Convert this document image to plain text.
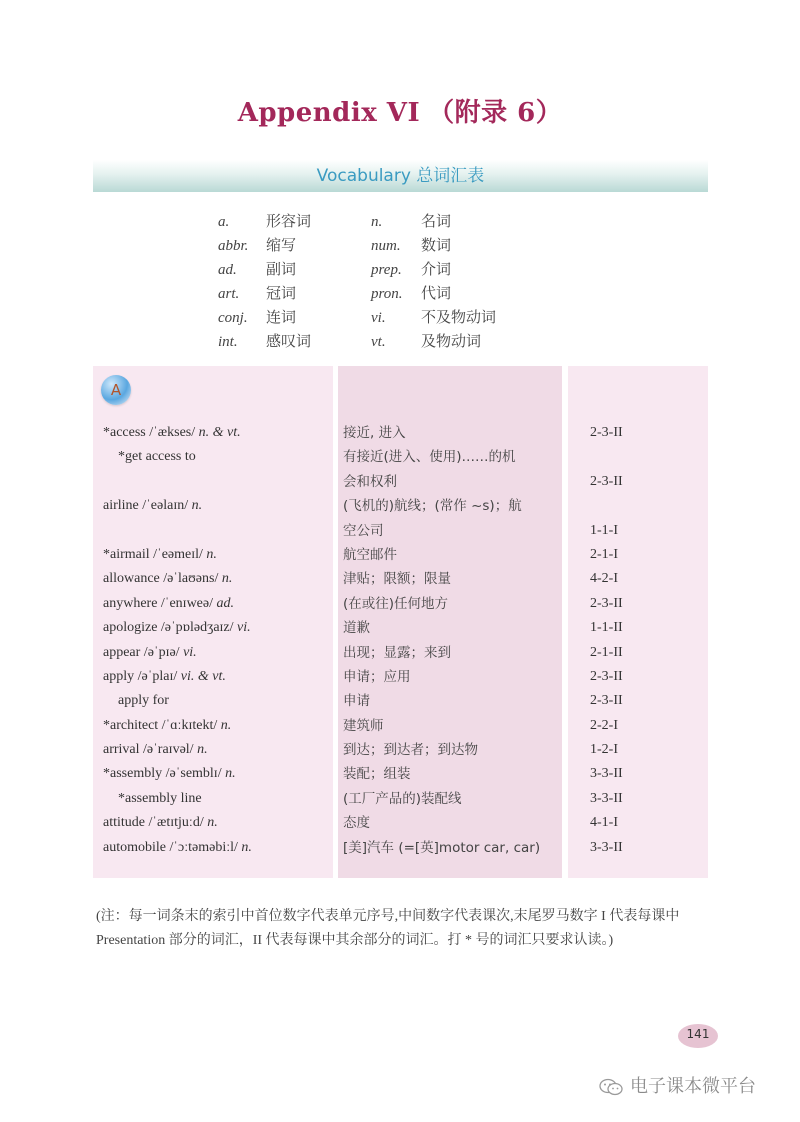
Appendix VI （附录 6）
Vocabulary 总词汇表
a. 形容词	n.	名词
abbr. 缩写	num. 数词
ad. 副词	prep. 介词
art. 冠词	pron. 代词
conj. 连词	vi. 不及物动词
int. 感叹词	vt. 及物动词
A
*access /ˈækses/ n. & vt.	接近, 进入	2-3-II
*get access to	有接近(进入、使用)……的机
会和权利	2-3-II
airline /ˈeəlaɪn/ n.	(飞机的)航线；(常作 ~s)；航
空公司	1-1-I
*airmail /ˈeəmeɪl/ n.	航空邮件	2-1-I
allowance /əˈlaʊəns/ n.	津贴；限额；限量	4-2-I
anywhere /ˈenɪweə/ ad.	(在或往)任何地方	2-3-II
apologize /əˈpɒlədʒaɪz/ vi.	道歉	1-1-II
appear /əˈpɪə/ vi.	出现；显露；来到	2-1-II
apply /əˈplaɪ/ vi. & vt.	申请；应用	2-3-II
apply for	申请	2-3-II
*architect /ˈɑːkɪtekt/ n.	建筑师	2-2-I
arrival /əˈraɪvəl/ n.	到达；到达者；到达物	1-2-I
*assembly /əˈsemblɪ/ n.	装配；组装	3-3-II
*assembly line	(工厂产品的)装配线	3-3-II
attitude /ˈætɪtjuːd/ n.	态度	4-1-I
automobile /ˈɔːtəməbiːl/ n.	[美]汽车 (=[英]motor car, car)	3-3-II
(注：每一词条末的索引中首位数字代表单元序号,中间数字代表课次,末尾罗马数字 I 代表每课中 Presentation 部分的词汇，II 代表每课中其余部分的词汇。打 * 号的词汇只要求认读。)
141
电子课本微平台
